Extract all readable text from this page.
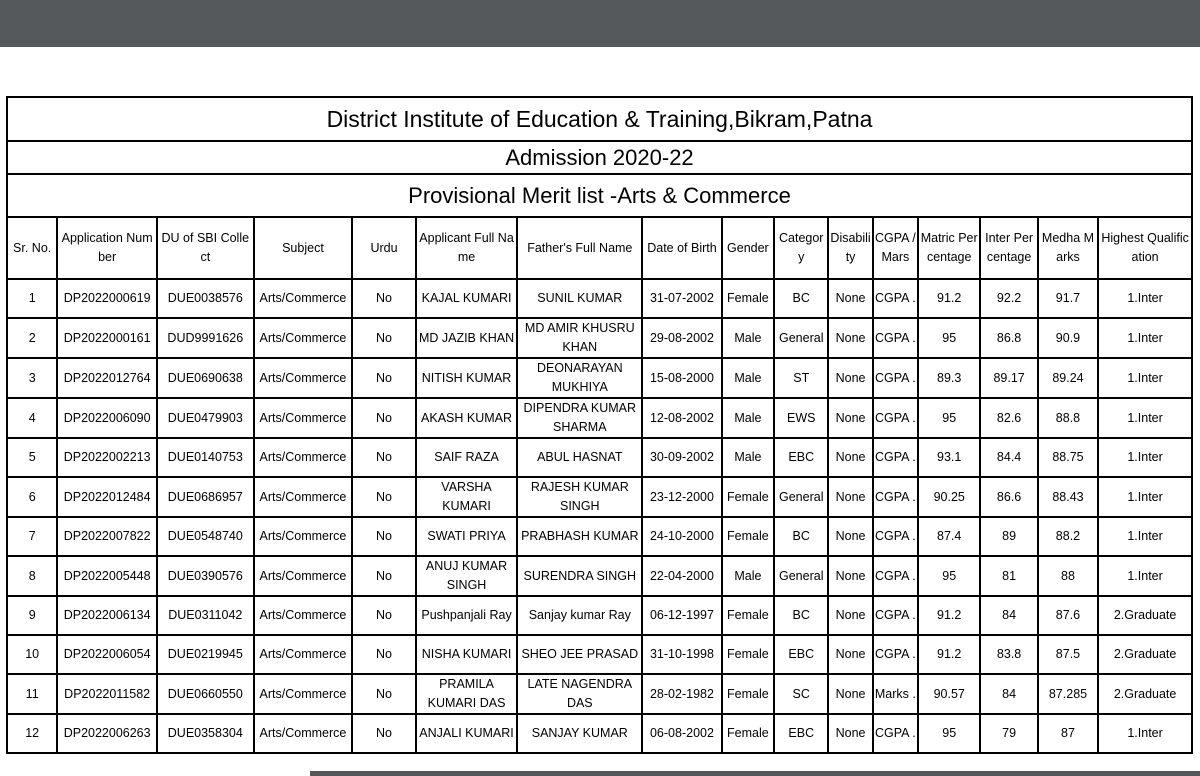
District Institute of Education & Training,Bikram,Patna															
Admission 2020-22															
Provisional Merit list -Arts & Commerce															
Sr. No.	Application Number	DU of SBI Collect	Subject	Urdu	Applicant Full Name	Father's Full Name	Date of Birth	Gender	Category	Disability	CGPA /Mars	Matric Percentage	Inter Percentage	Medha Marks	Highest Qualification
1	DP2022000619	DUE0038576	Arts/Commerce	No	KAJAL KUMARI	SUNIL KUMAR	31-07-2002	Female	BC	None	CGPA .	91.2	92.2	91.7	1.Inter
2	DP2022000161	DUD9991626	Arts/Commerce	No	MD JAZIB KHAN	MD AMIR KHUSRU KHAN	29-08-2002	Male	General	None	CGPA .	95	86.8	90.9	1.Inter
3	DP2022012764	DUE0690638	Arts/Commerce	No	NITISH KUMAR	DEONARAYAN MUKHIYA	15-08-2000	Male	ST	None	CGPA .	89.3	89.17	89.24	1.Inter
4	DP2022006090	DUE0479903	Arts/Commerce	No	AKASH KUMAR	DIPENDRA KUMAR SHARMA	12-08-2002	Male	EWS	None	CGPA .	95	82.6	88.8	1.Inter
5	DP2022002213	DUE0140753	Arts/Commerce	No	SAIF RAZA	ABUL HASNAT	30-09-2002	Male	EBC	None	CGPA .	93.1	84.4	88.75	1.Inter
6	DP2022012484	DUE0686957	Arts/Commerce	No	VARSHA KUMARI	RAJESH KUMAR SINGH	23-12-2000	Female	General	None	CGPA .	90.25	86.6	88.43	1.Inter
7	DP2022007822	DUE0548740	Arts/Commerce	No	SWATI PRIYA	PRABHASH KUMAR	24-10-2000	Female	BC	None	CGPA .	87.4	89	88.2	1.Inter
8	DP2022005448	DUE0390576	Arts/Commerce	No	ANUJ KUMAR SINGH	SURENDRA SINGH	22-04-2000	Male	General	None	CGPA .	95	81	88	1.Inter
9	DP2022006134	DUE0311042	Arts/Commerce	No	Pushpanjali Ray	Sanjay kumar Ray	06-12-1997	Female	BC	None	CGPA .	91.2	84	87.6	2.Graduate
10	DP2022006054	DUE0219945	Arts/Commerce	No	NISHA KUMARI	SHEO JEE PRASAD	31-10-1998	Female	EBC	None	CGPA .	91.2	83.8	87.5	2.Graduate
11	DP2022011582	DUE0660550	Arts/Commerce	No	PRAMILA KUMARI DAS	LATE NAGENDRA DAS	28-02-1982	Female	SC	None	Marks .	90.57	84	87.285	2.Graduate
12	DP2022006263	DUE0358304	Arts/Commerce	No	ANJALI KUMARI	SANJAY KUMAR	06-08-2002	Female	EBC	None	CGPA .	95	79	87	1.Inter
